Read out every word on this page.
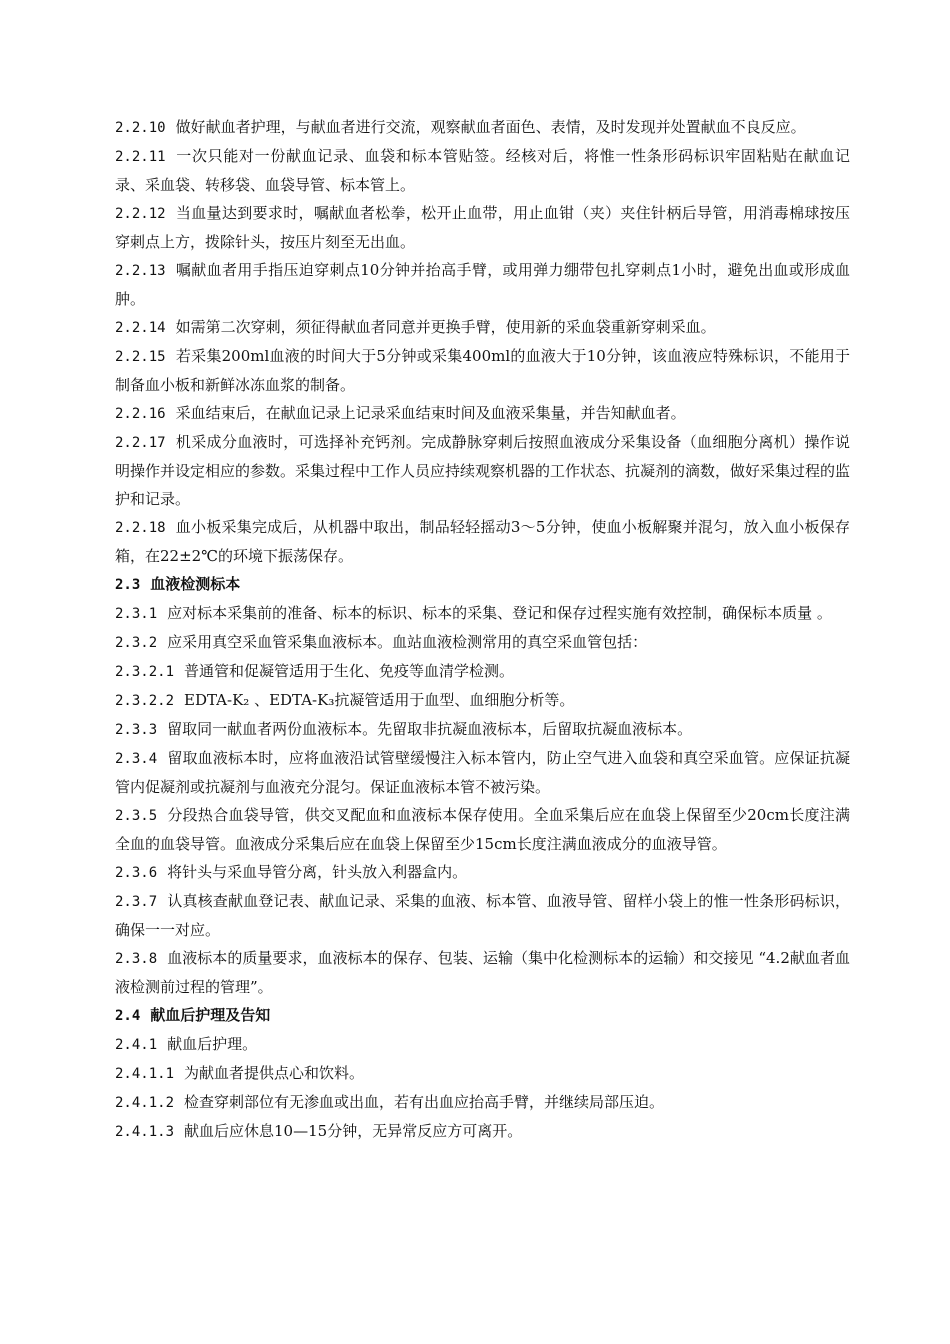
2.2.10 做好献血者护理，与献血者进行交流，观察献血者面色、表情，及时发现并处置献血不良反应。

2.2.11 一次只能对一份献血记录、血袋和标本管贴签。经核对后，将惟一性条形码标识牢固粘贴在献血记录、采血袋、转移袋、血袋导管、标本管上。

2.2.12 当血量达到要求时，嘱献血者松拳，松开止血带，用止血钳（夹）夹住针柄后导管，用消毒棉球按压穿刺点上方，拨除针头，按压片刻至无出血。

2.2.13 嘱献血者用手指压迫穿刺点10分钟并抬高手臂，或用弹力绷带包扎穿刺点1小时，避免出血或形成血肿。

2.2.14 如需第二次穿刺，须征得献血者同意并更换手臂，使用新的采血袋重新穿刺采血。

2.2.15 若采集200ml血液的时间大于5分钟或采集400ml的血液大于10分钟，该血液应特殊标识，不能用于制备血小板和新鲜冰冻血浆的制备。

2.2.16 采血结束后，在献血记录上记录采血结束时间及血液采集量，并告知献血者。

2.2.17 机采成分血液时，可选择补充钙剂。完成静脉穿刺后按照血液成分采集设备（血细胞分离机）操作说明操作并设定相应的参数。采集过程中工作人员应持续观察机器的工作状态、抗凝剂的滴数，做好采集过程的监护和记录。

2.2.18 血小板采集完成后，从机器中取出，制品轻轻摇动3～5分钟，使血小板解聚并混匀，放入血小板保存箱，在22±2℃的环境下振荡保存。

2.3 血液检测标本

2.3.1 应对标本采集前的准备、标本的标识、标本的采集、登记和保存过程实施有效控制，确保标本质量 。

2.3.2 应采用真空采血管采集血液标本。血站血液检测常用的真空采血管包括：

2.3.2.1 普通管和促凝管适用于生化、免疫等血清学检测。

2.3.2.2 EDTA-K₂ 、EDTA-K₃抗凝管适用于血型、血细胞分析等。

2.3.3 留取同一献血者两份血液标本。先留取非抗凝血液标本，后留取抗凝血液标本。

2.3.4 留取血液标本时，应将血液沿试管壁缓慢注入标本管内，防止空气进入血袋和真空采血管。应保证抗凝管内促凝剂或抗凝剂与血液充分混匀。保证血液标本管不被污染。

2.3.5 分段热合血袋导管，供交叉配血和血液标本保存使用。全血采集后应在血袋上保留至少20cm长度注满全血的血袋导管。血液成分采集后应在血袋上保留至少15cm长度注满血液成分的血液导管。

2.3.6 将针头与采血导管分离，针头放入利器盒内。

2.3.7 认真核查献血登记表、献血记录、采集的血液、标本管、血液导管、留样小袋上的惟一性条形码标识，确保一一对应。

2.3.8 血液标本的质量要求，血液标本的保存、包装、运输（集中化检测标本的运输）和交接见 “4.2献血者血液检测前过程的管理”。

2.4 献血后护理及告知

2.4.1 献血后护理。

2.4.1.1 为献血者提供点心和饮料。

2.4.1.2 检查穿刺部位有无渗血或出血，若有出血应抬高手臂，并继续局部压迫。

2.4.1.3 献血后应休息10—15分钟，无异常反应方可离开。
